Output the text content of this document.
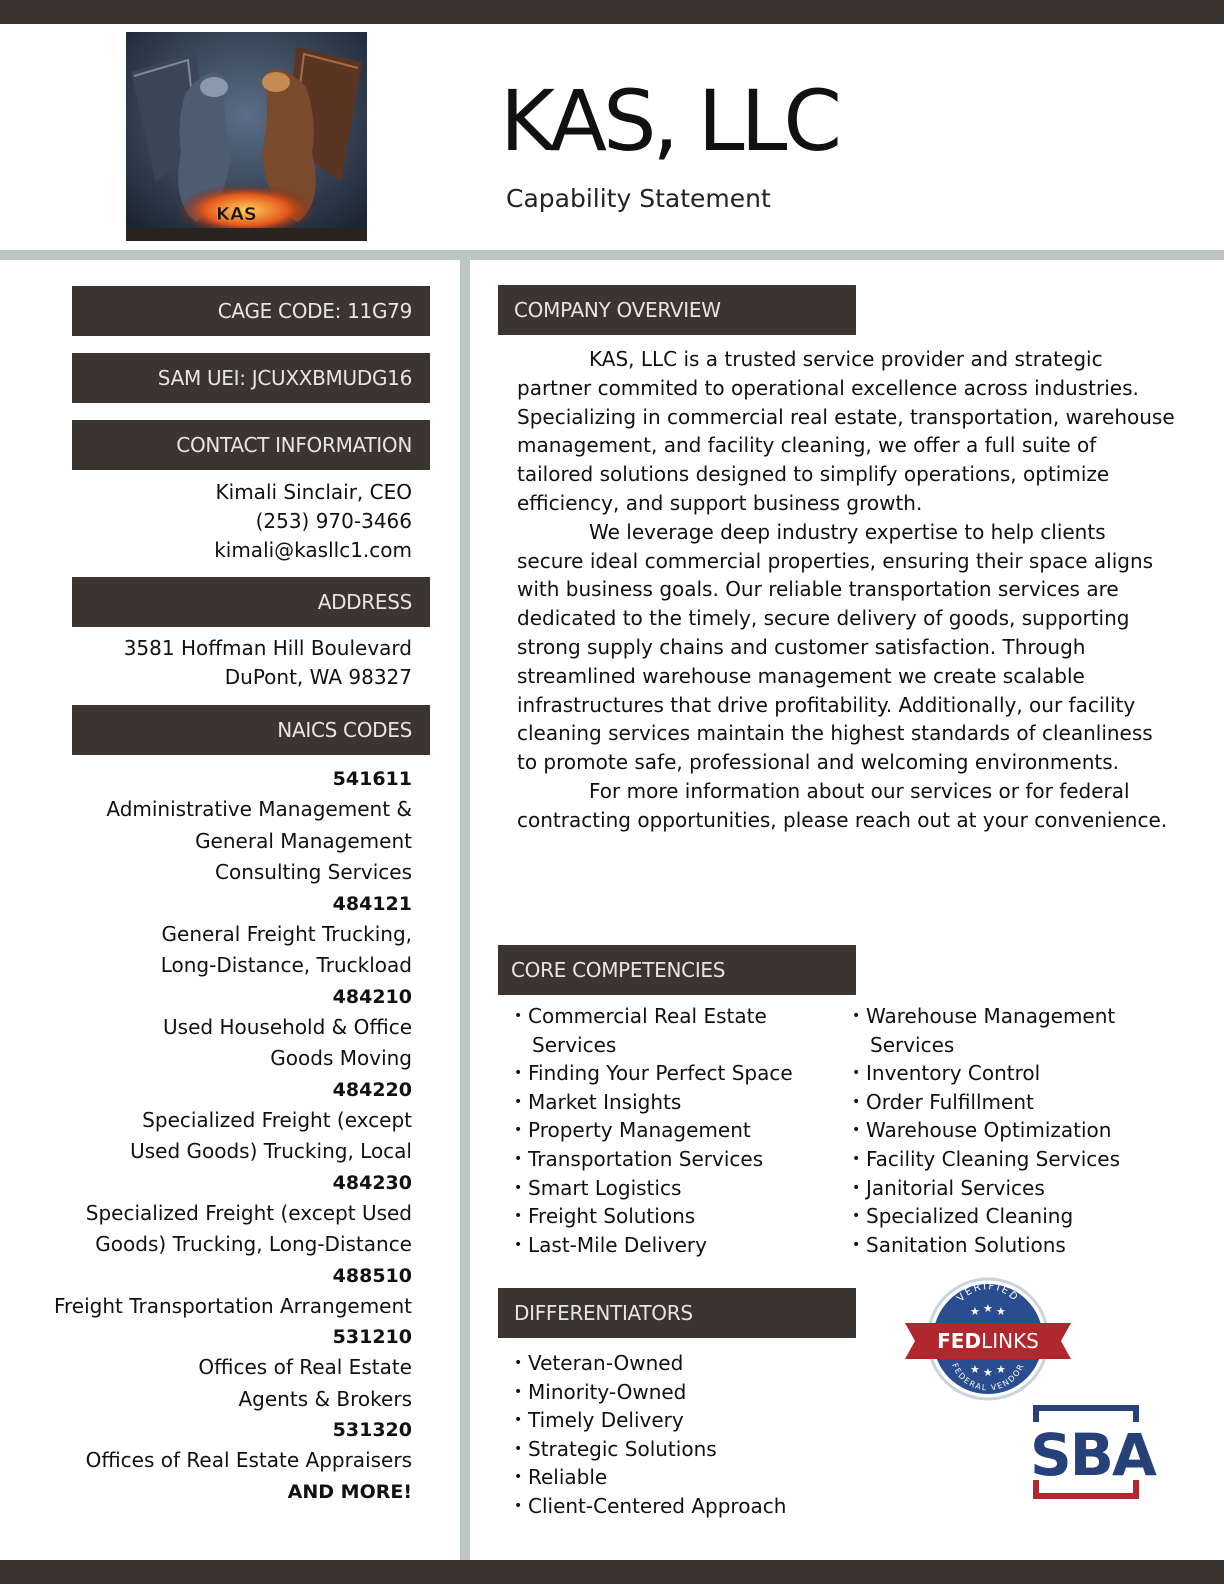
KAS
KAS, LLC
Capability Statement
CAGE CODE: 11G79
SAM UEI: JCUXXBMUDG16
CONTACT INFORMATION
Kimali Sinclair, CEO
(253) 970-3466
kimali@kasllc1.com
ADDRESS
3581 Hoffman Hill Boulevard
DuPont, WA 98327
NAICS CODES
541611
Administrative Management &
General Management
Consulting Services
484121
General Freight Trucking,
Long-Distance, Truckload
484210
Used Household & Office
Goods Moving
484220
Specialized Freight (except
Used Goods) Trucking, Local
484230
Specialized Freight (except Used
Goods) Trucking, Long-Distance
488510
Freight Transportation Arrangement
531210
Offices of Real Estate
Agents & Brokers
531320
Offices of Real Estate Appraisers
AND MORE!
COMPANY OVERVIEW

KAS, LLC is a trusted service provider and strategic partner commited to operational excellence across industries. Specializing in commercial real estate, transportation, warehouse management, and facility cleaning, we offer a full suite of tailored solutions designed to simplify operations, optimize efficiency, and support business growth.

We leverage deep industry expertise to help clients secure ideal commercial properties, ensuring their space aligns with business goals. Our reliable transportation services are dedicated to the timely, secure delivery of goods, supporting strong supply chains and customer satisfaction. Through streamlined warehouse management we create scalable infrastructures that drive profitability. Additionally, our facility cleaning services maintain the highest standards of cleanliness to promote safe, professional and welcoming environments.

For more information about our services or for federal contracting opportunities, please reach out at your convenience.

CORE COMPETENCIES
• Commercial Real Estate
Services
• Finding Your Perfect Space
• Market Insights
• Property Management
• Transportation Services
• Smart Logistics
• Freight Solutions
• Last-Mile Delivery
• Warehouse Management
Services
• Inventory Control
• Order Fulfillment
• Warehouse Optimization
• Facility Cleaning Services
• Janitorial Services
• Specialized Cleaning
• Sanitation Solutions
DIFFERENTIATORS
• Veteran-Owned
• Minority-Owned
• Timely Delivery
• Strategic Solutions
• Reliable
• Client-Centered Approach
VERIFIED
★ ★ ★
FEDLINKS
★ ★ ★
FEDERAL VENDOR
SBA
